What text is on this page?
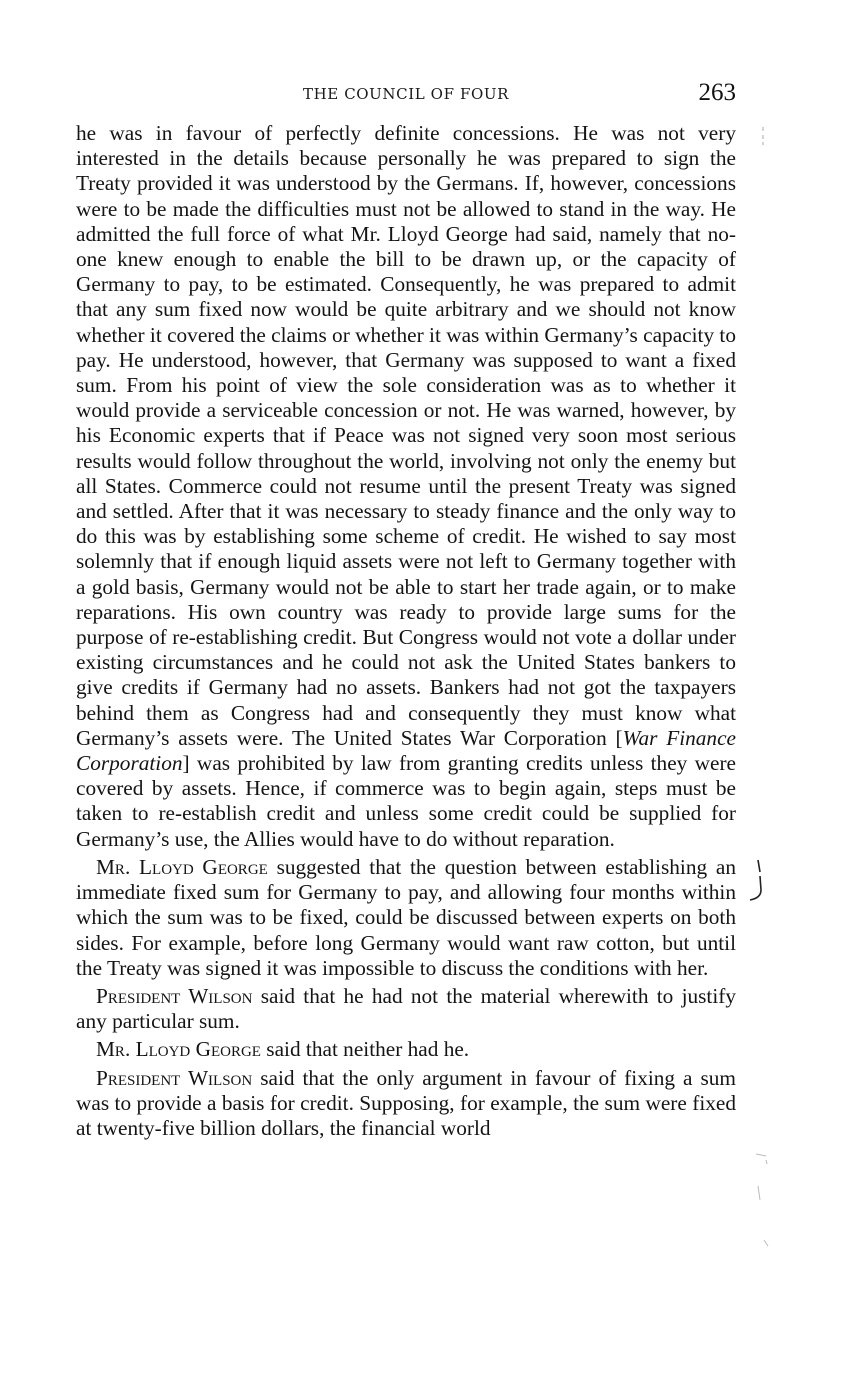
THE COUNCIL OF FOUR	263

he was in favour of perfectly definite concessions. He was not very interested in the details because personally he was prepared to sign the Treaty provided it was understood by the Germans. If, however, concessions were to be made the difficulties must not be allowed to stand in the way. He admitted the full force of what Mr. Lloyd George had said, namely that no-one knew enough to enable the bill to be drawn up, or the capacity of Germany to pay, to be estimated. Consequently, he was prepared to admit that any sum fixed now would be quite arbitrary and we should not know whether it covered the claims or whether it was within Germany’s capacity to pay. He understood, however, that Germany was supposed to want a fixed sum. From his point of view the sole consideration was as to whether it would provide a serviceable concession or not. He was warned, however, by his Economic experts that if Peace was not signed very soon most serious results would follow throughout the world, involving not only the enemy but all States. Commerce could not resume until the present Treaty was signed and settled. After that it was necessary to steady finance and the only way to do this was by establishing some scheme of credit. He wished to say most solemnly that if enough liquid assets were not left to Germany together with a gold basis, Germany would not be able to start her trade again, or to make reparations. His own country was ready to provide large sums for the purpose of re-establishing credit. But Congress would not vote a dollar under existing circumstances and he could not ask the United States bankers to give credits if Germany had no assets. Bankers had not got the taxpayers behind them as Congress had and consequently they must know what Germany’s assets were. The United States War Corporation [War Finance Corporation] was prohibited by law from granting credits unless they were covered by assets. Hence, if commerce was to begin again, steps must be taken to re-establish credit and unless some credit could be supplied for Germany’s use, the Allies would have to do without reparation.

Mr. Lloyd George suggested that the question between establishing an immediate fixed sum for Germany to pay, and allowing four months within which the sum was to be fixed, could be discussed between experts on both sides. For example, before long Germany would want raw cotton, but until the Treaty was signed it was impossible to discuss the conditions with her.

President Wilson said that he had not the material wherewith to justify any particular sum.

Mr. Lloyd George said that neither had he.

President Wilson said that the only argument in favour of fixing a sum was to provide a basis for credit. Supposing, for example, the sum were fixed at twenty-five billion dollars, the financial world
